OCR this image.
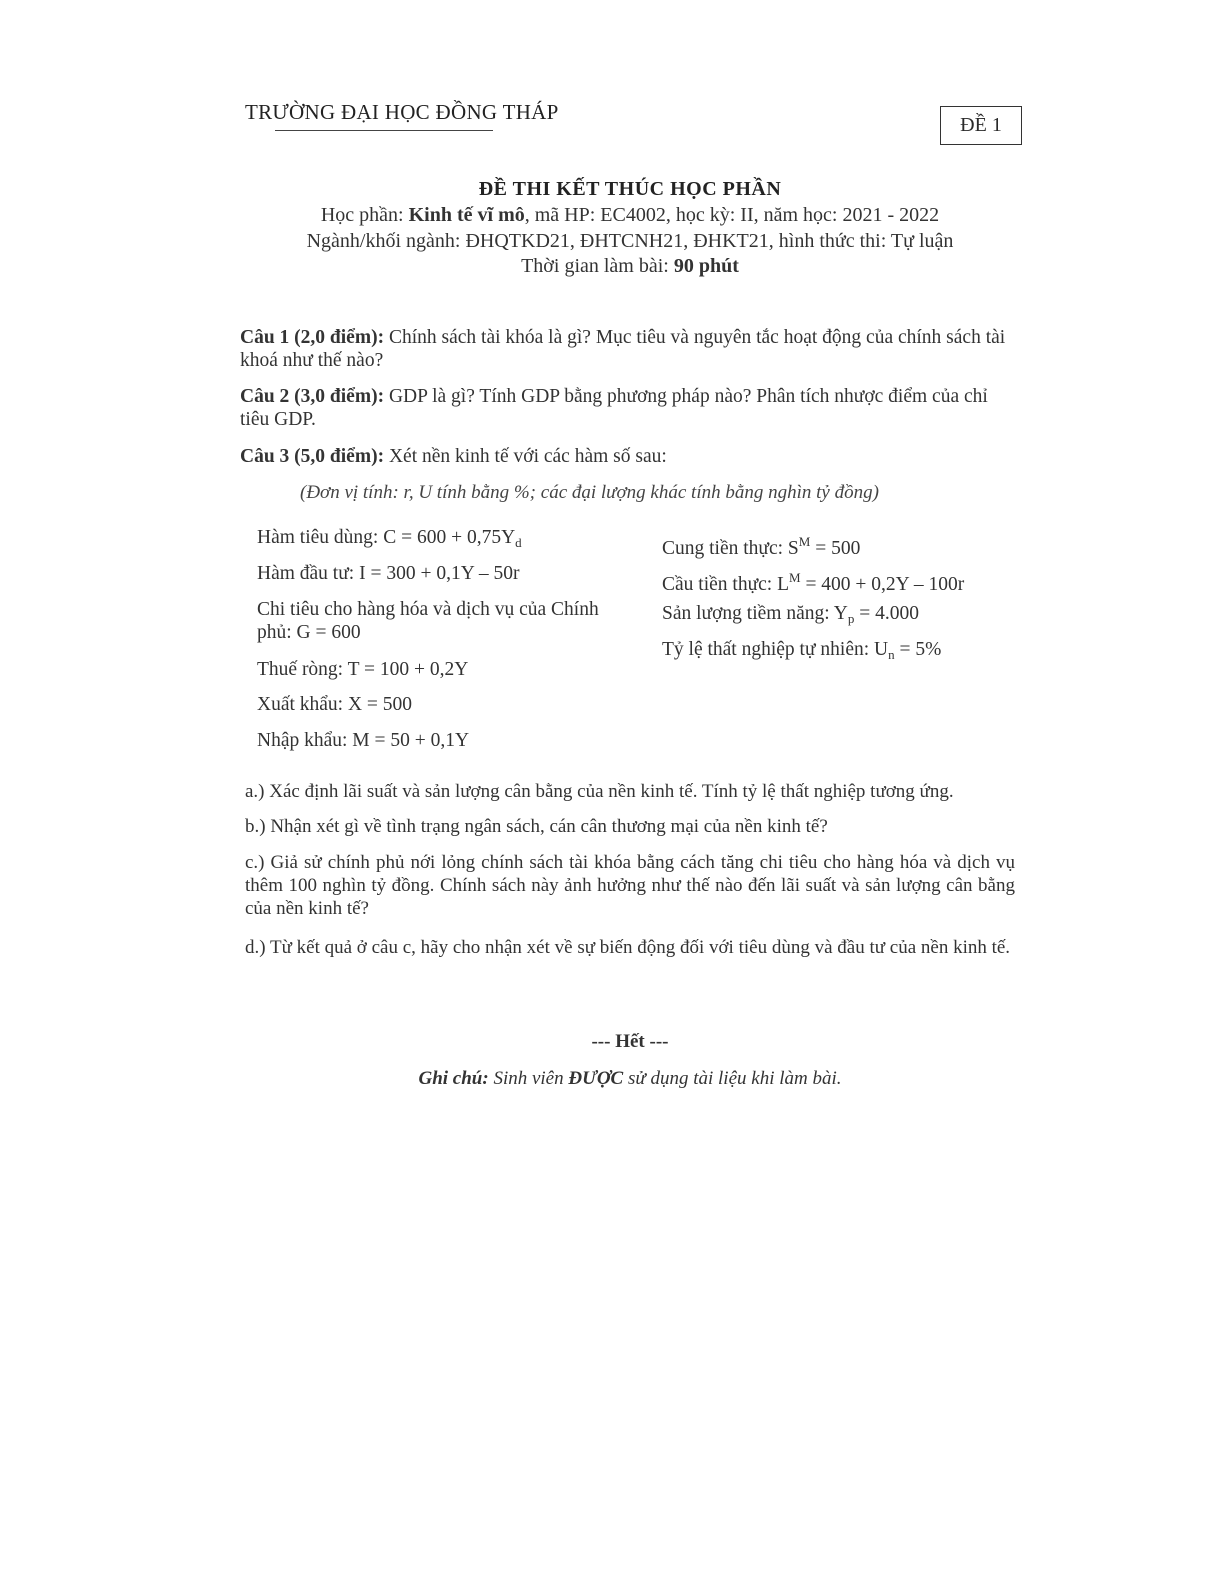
TRƯỜNG ĐẠI HỌC ĐỒNG THÁP
ĐỀ 1
ĐỀ THI KẾT THÚC HỌC PHẦN
Học phần: Kinh tế vĩ mô, mã HP: EC4002, học kỳ: II, năm học: 2021 - 2022
Ngành/khối ngành: ĐHQTKD21, ĐHTCNH21, ĐHKT21, hình thức thi: Tự luận
Thời gian làm bài: 90 phút
Câu 1 (2,0 điểm): Chính sách tài khóa là gì? Mục tiêu và nguyên tắc hoạt động của chính sách tài khoá như thế nào?
Câu 2 (3,0 điểm): GDP là gì? Tính GDP bằng phương pháp nào? Phân tích nhược điểm của chỉ tiêu GDP.
Câu 3 (5,0 điểm): Xét nền kinh tế với các hàm số sau:
(Đơn vị tính: r, U tính bằng %; các đại lượng khác tính bằng nghìn tỷ đồng)
Hàm tiêu dùng: $C = 600 + 0,75Y_d$
Hàm đầu tư: I = 300 + 0,1Y – 50r
Chi tiêu cho hàng hóa và dịch vụ của Chính phủ: G = 600
Thuế ròng: T = 100 + 0,2Y
Xuất khẩu: X = 500
Nhập khẩu: M = 50 + 0,1Y
Cung tiền thực: $S^M = 500$
Cầu tiền thực: $L^M = 400 + 0,2Y - 100r$
Sản lượng tiềm năng: $Y_p = 4.000$
Tỷ lệ thất nghiệp tự nhiên: $U_n = 5\%$
a.) Xác định lãi suất và sản lượng cân bằng của nền kinh tế. Tính tỷ lệ thất nghiệp tương ứng.
b.) Nhận xét gì về tình trạng ngân sách, cán cân thương mại của nền kinh tế?
c.) Giả sử chính phủ nới lỏng chính sách tài khóa bằng cách tăng chi tiêu cho hàng hóa và dịch vụ thêm 100 nghìn tỷ đồng. Chính sách này ảnh hưởng như thế nào đến lãi suất và sản lượng cân bằng của nền kinh tế?
d.) Từ kết quả ở câu c, hãy cho nhận xét về sự biến động đối với tiêu dùng và đầu tư của nền kinh tế.
--- Hết ---
Ghi chú: Sinh viên ĐƯỢC sử dụng tài liệu khi làm bài.
